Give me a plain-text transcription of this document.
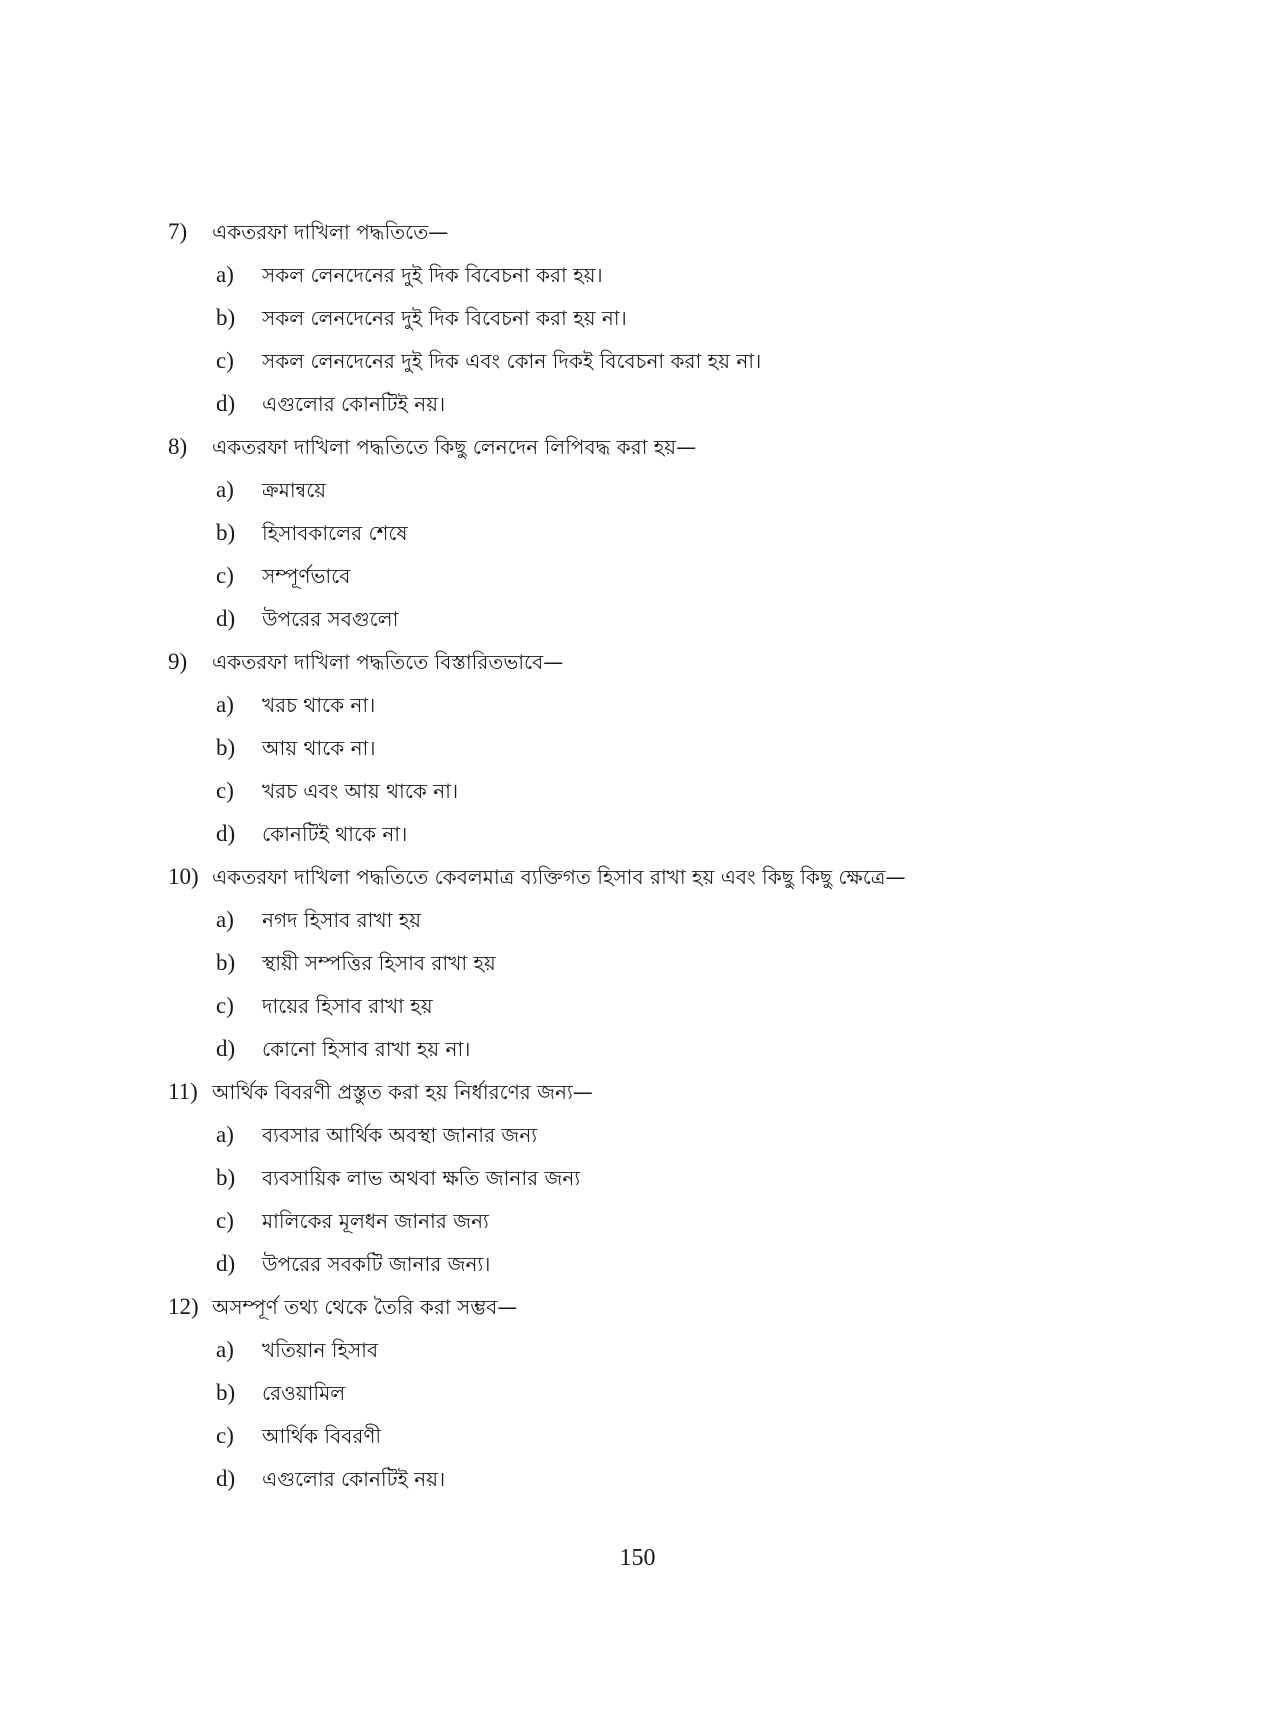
7)	একতরফা দাখিলা পদ্ধতিতে—
a)	সকল লেনদেনের দুই দিক বিবেচনা করা হয়।
b)	সকল লেনদেনের দুই দিক বিবেচনা করা হয় না।
c)	সকল লেনদেনের দুই দিক এবং কোন দিকই বিবেচনা করা হয় না।
d)	এগুলোর কোনটিই নয়।
8)	একতরফা দাখিলা পদ্ধতিতে কিছু লেনদেন লিপিবদ্ধ করা হয়—
a)	ক্রমান্বয়ে
b)	হিসাবকালের শেষে
c)	সম্পূর্ণভাবে
d)	উপরের সবগুলো
9)	একতরফা দাখিলা পদ্ধতিতে বিস্তারিতভাবে—
a)	খরচ থাকে না।
b)	আয় থাকে না।
c)	খরচ এবং আয় থাকে না।
d)	কোনটিই থাকে না।
10) একতরফা দাখিলা পদ্ধতিতে কেবলমাত্র ব্যক্তিগত হিসাব রাখা হয় এবং কিছু কিছু ক্ষেত্রে—
a)	নগদ হিসাব রাখা হয়
b)	স্থায়ী সম্পত্তির হিসাব রাখা হয়
c)	দায়ের হিসাব রাখা হয়
d)	কোনো হিসাব রাখা হয় না।
11) আর্থিক বিবরণী প্রস্তুত করা হয় নির্ধারণের জন্য—
a)	ব্যবসার আর্থিক অবস্থা জানার জন্য
b)	ব্যবসায়িক লাভ অথবা ক্ষতি জানার জন্য
c)	মালিকের মূলধন জানার জন্য
d)	উপরের সবকটি জানার জন্য।
12) অসম্পূর্ণ তথ্য থেকে তৈরি করা সম্ভব—
a)	খতিয়ান হিসাব
b)	রেওয়ামিল
c)	আর্থিক বিবরণী
d)	এগুলোর কোনটিই নয়।
150
